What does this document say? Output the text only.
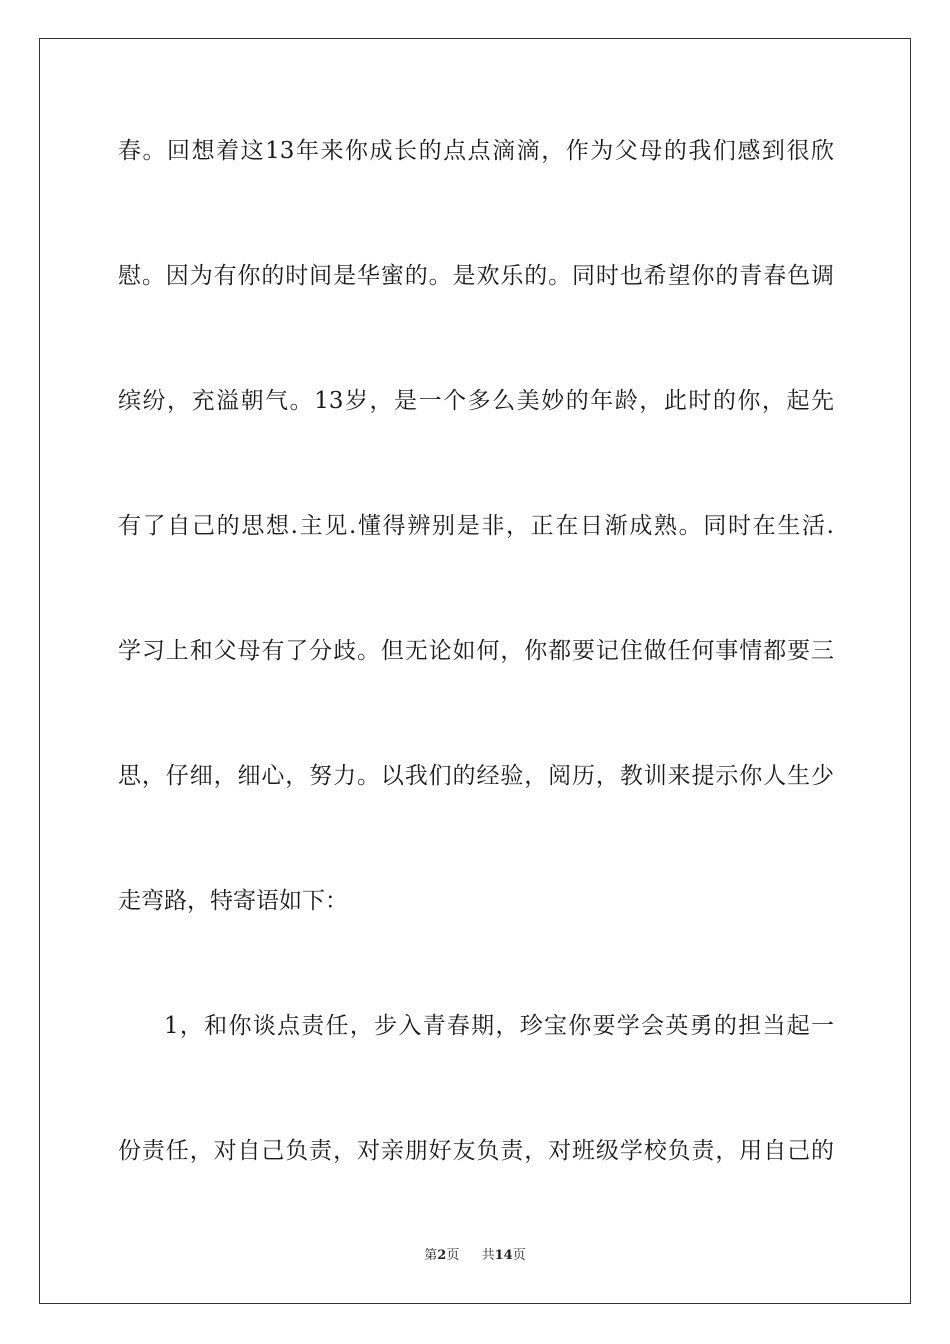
春。回想着这13年来你成长的点点滴滴，作为父母的我们感到很欣
慰。因为有你的时间是华蜜的。是欢乐的。同时也希望你的青春色调
缤纷，充溢朝气。13岁，是一个多么美妙的年龄，此时的你，起先
有了自己的思想.主见.懂得辨别是非，正在日渐成熟。同时在生活.
学习上和父母有了分歧。但无论如何，你都要记住做任何事情都要三
思，仔细，细心，努力。以我们的经验，阅历，教训来提示你人生少
走弯路，特寄语如下：
1，和你谈点责任，步入青春期，珍宝你要学会英勇的担当起一
份责任，对自己负责，对亲朋好友负责，对班级学校负责，用自己的
第2页 共14页
